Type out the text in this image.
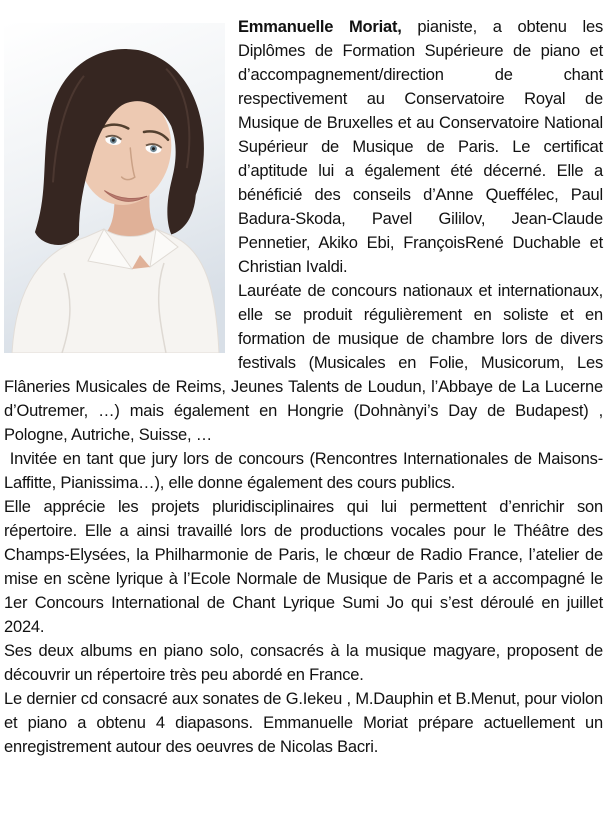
Emmanuelle Moriat, pianiste, a obtenu les Diplômes de Formation Supérieure de piano et d’accompagnement/direction de chant respectivement au Conservatoire Royal de Musique de Bruxelles et au Conservatoire National Supérieur de Musique de Paris. Le certificat d’aptitude lui a également été décerné. Elle a bénéficié des conseils d’Anne Queffélec, Paul Badura-Skoda, Pavel Gililov, Jean-Claude Pennetier, Akiko Ebi, FrançoisRené Duchable et Christian Ivaldi.

Lauréate de concours nationaux et internationaux, elle se produit régulièrement en soliste et en formation de musique de chambre lors de divers festivals (Musicales en Folie, Musicorum, Les Flâneries Musicales de Reims, Jeunes Talents de Loudun, l’Abbaye de La Lucerne d’Outremer, …) mais également en Hongrie (Dohnànyi’s Day de Budapest) , Pologne, Autriche, Suisse, …

Invitée en tant que jury lors de concours (Rencontres Internationales de Maisons-Laffitte, Pianissima…), elle donne également des cours publics.

Elle apprécie les projets pluridisciplinaires qui lui permettent d’enrichir son répertoire. Elle a ainsi travaillé lors de productions vocales pour le Théâtre des Champs-Elysées, la Philharmonie de Paris, le chœur de Radio France, l’atelier de mise en scène lyrique à l’Ecole Normale de Musique de Paris et a accompagné le 1er Concours International de Chant Lyrique Sumi Jo qui s’est déroulé en juillet 2024.

Ses deux albums en piano solo, consacrés à la musique magyare, proposent de découvrir un répertoire très peu abordé en France.

Le dernier cd consacré aux sonates de G.Iekeu , M.Dauphin et B.Menut, pour violon et piano a obtenu 4 diapasons. Emmanuelle Moriat prépare actuellement un enregistrement autour des oeuvres de Nicolas Bacri.
